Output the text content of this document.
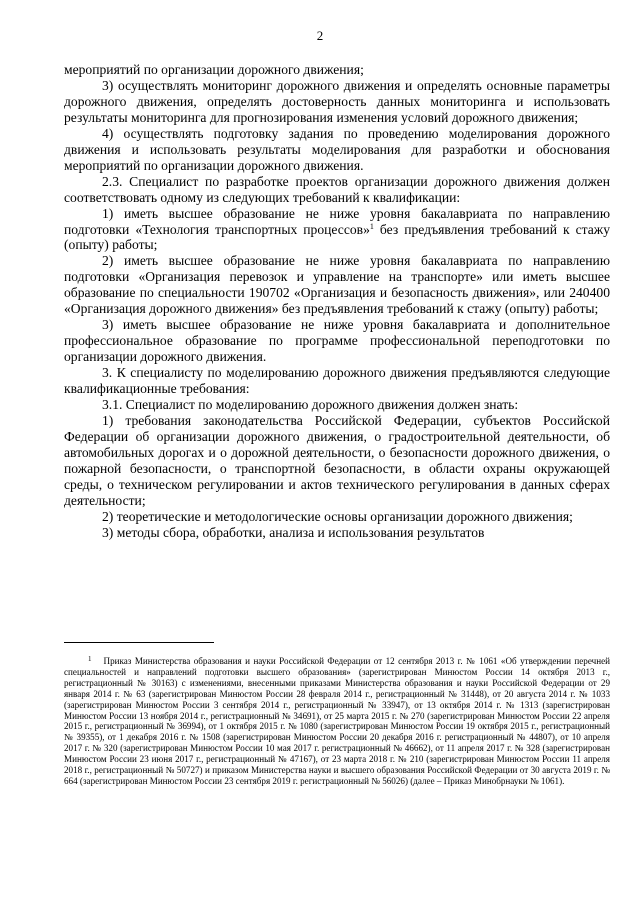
2

мероприятий по организации дорожного движения;

3) осуществлять мониторинг дорожного движения и определять основные параметры дорожного движения, определять достоверность данных мониторинга и использовать результаты мониторинга для прогнозирования изменения условий дорожного движения;

4) осуществлять подготовку задания по проведению моделирования дорожного движения и использовать результаты моделирования для разработки и обоснования мероприятий по организации дорожного движения.

2.3. Специалист по разработке проектов организации дорожного движения должен соответствовать одному из следующих требований к квалификации:

1) иметь высшее образование не ниже уровня бакалавриата по направлению подготовки «Технология транспортных процессов»$^1$ без предъявления требований к стажу (опыту) работы;

2) иметь высшее образование не ниже уровня бакалавриата по направлению подготовки «Организация перевозок и управление на транспорте» или иметь высшее образование по специальности 190702 «Организация и безопасность движения», или 240400 «Организация дорожного движения» без предъявления требований к стажу (опыту) работы;

3) иметь высшее образование не ниже уровня бакалавриата и дополнительное профессиональное образование по программе профессиональной переподготовки по организации дорожного движения.

3. К специалисту по моделированию дорожного движения предъявляются следующие квалификационные требования:

3.1. Специалист по моделированию дорожного движения должен знать:

1) требования законодательства Российской Федерации, субъектов Российской Федерации об организации дорожного движения, о градостроительной деятельности, об автомобильных дорогах и о дорожной деятельности, о безопасности дорожного движения, о пожарной безопасности, о транспортной безопасности, в области охраны окружающей среды, о техническом регулировании и актов технического регулирования в данных сферах деятельности;

2) теоретические и методологические основы организации дорожного движения;

3) методы сбора, обработки, анализа и использования результатов

$^1$ Приказ Министерства образования и науки Российской Федерации от 12 сентября 2013 г. № 1061 «Об утверждении перечней специальностей и направлений подготовки высшего образования» (зарегистрирован Минюстом России 14 октября 2013 г., регистрационный № 30163) с изменениями, внесенными приказами Министерства образования и науки Российской Федерации от 29 января 2014 г. № 63 (зарегистрирован Минюстом России 28 февраля 2014 г., регистрационный № 31448), от 20 августа 2014 г. № 1033 (зарегистрирован Минюстом России 3 сентября 2014 г., регистрационный № 33947), от 13 октября 2014 г. № 1313 (зарегистрирован Минюстом России 13 ноября 2014 г., регистрационный № 34691), от 25 марта 2015 г. № 270 (зарегистрирован Минюстом России 22 апреля 2015 г., регистрационный № 36994), от 1 октября 2015 г. № 1080 (зарегистрирован Минюстом России 19 октября 2015 г., регистрационный № 39355), от 1 декабря 2016 г. № 1508 (зарегистрирован Минюстом России 20 декабря 2016 г. регистрационный № 44807), от 10 апреля 2017 г. № 320 (зарегистрирован Минюстом России 10 мая 2017 г. регистрационный № 46662), от 11 апреля 2017 г. № 328 (зарегистрирован Минюстом России 23 июня 2017 г., регистрационный № 47167), от 23 марта 2018 г. № 210 (зарегистрирован Минюстом России 11 апреля 2018 г., регистрационный № 50727) и приказом Министерства науки и высшего образования Российской Федерации от 30 августа 2019 г. № 664 (зарегистрирован Минюстом России 23 сентября 2019 г. регистрационный № 56026) (далее – Приказ Минобрнауки № 1061).
